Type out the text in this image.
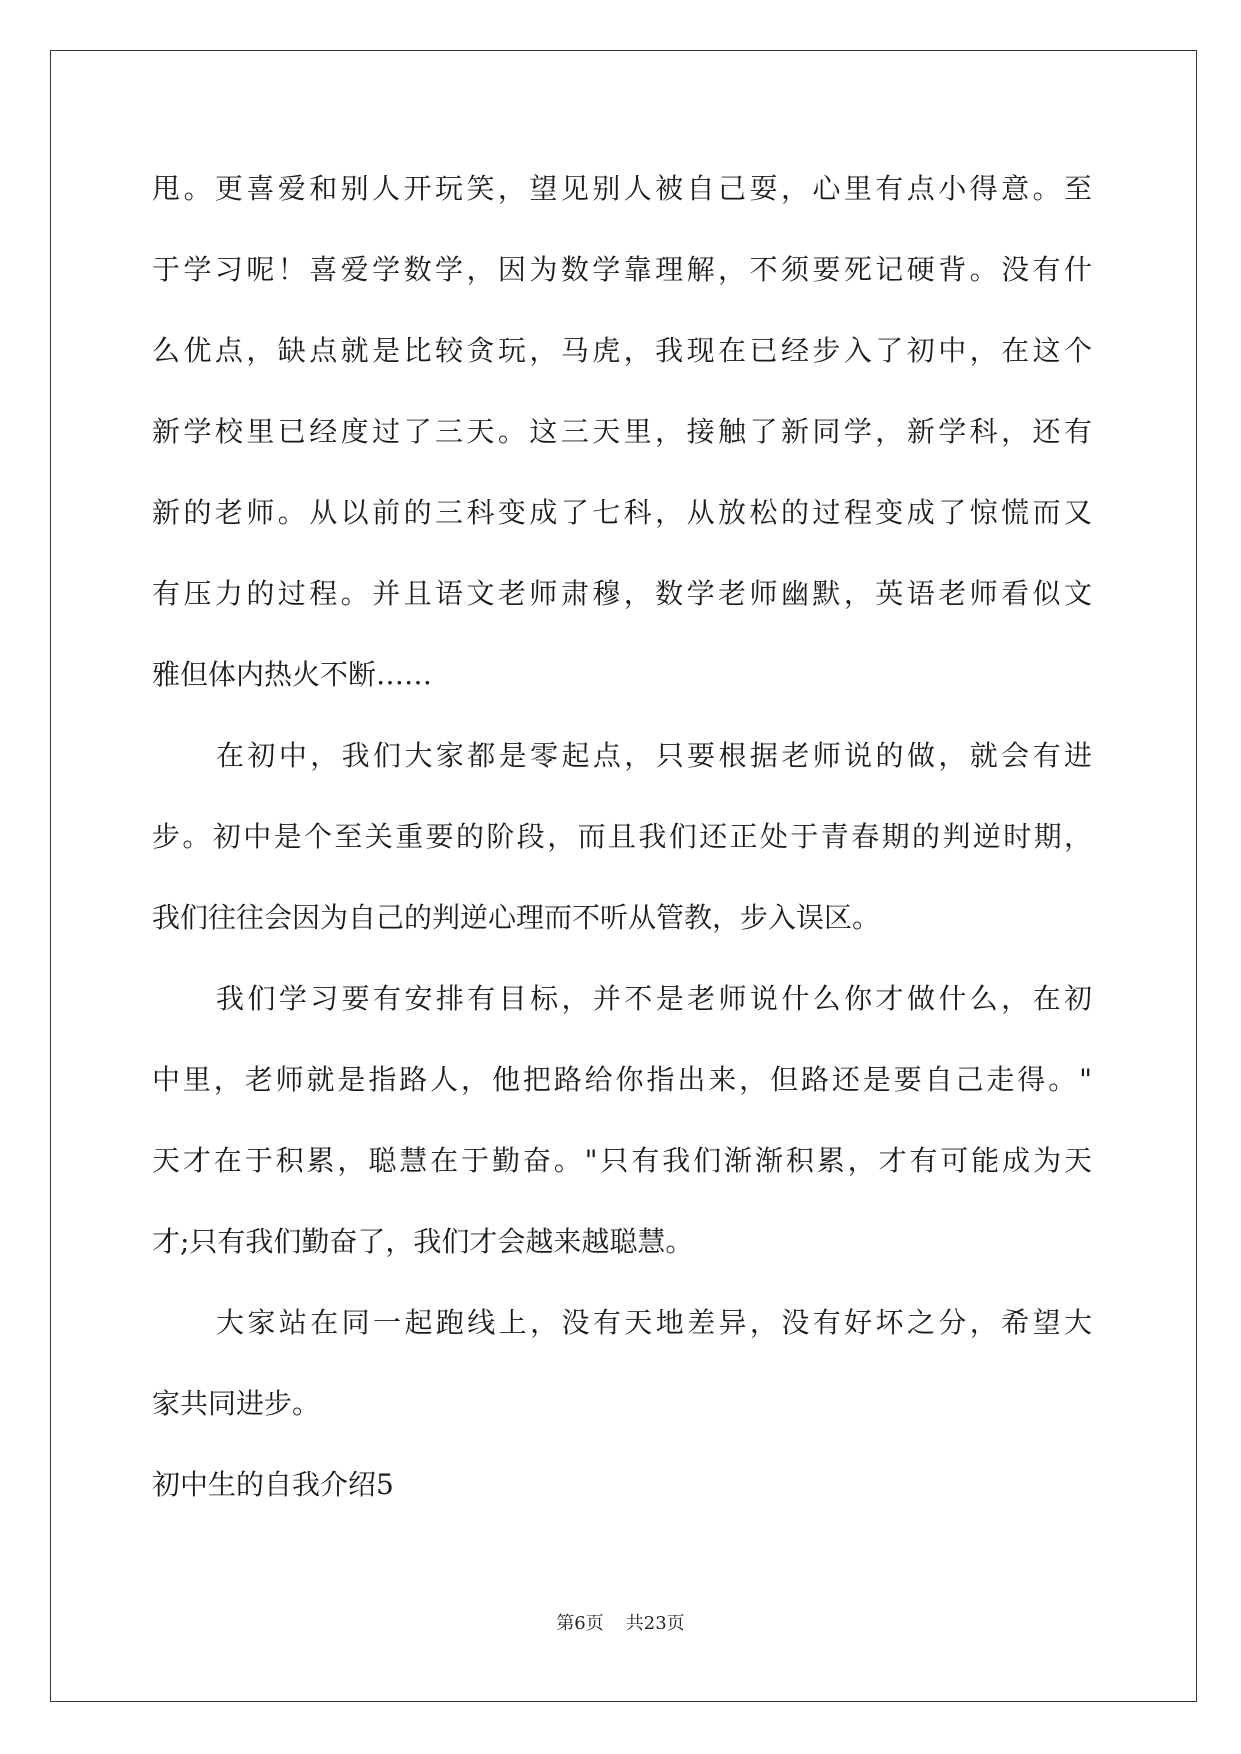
甩。更喜爱和别人开玩笑，望见别人被自己耍，心里有点小得意。至
于学习呢！喜爱学数学，因为数学靠理解，不须要死记硬背。没有什
么优点，缺点就是比较贪玩，马虎，我现在已经步入了初中，在这个
新学校里已经度过了三天。这三天里，接触了新同学，新学科，还有
新的老师。从以前的三科变成了七科，从放松的过程变成了惊慌而又
有压力的过程。并且语文老师肃穆，数学老师幽默，英语老师看似文
雅但体内热火不断……
在初中，我们大家都是零起点，只要根据老师说的做，就会有进
步。初中是个至关重要的阶段，而且我们还正处于青春期的判逆时期，
我们往往会因为自己的判逆心理而不听从管教，步入误区。
我们学习要有安排有目标，并不是老师说什么你才做什么，在初
中里，老师就是指路人，他把路给你指出来，但路还是要自己走得。"
天才在于积累，聪慧在于勤奋。"只有我们渐渐积累，才有可能成为天
才;只有我们勤奋了，我们才会越来越聪慧。
大家站在同一起跑线上，没有天地差异，没有好坏之分，希望大
家共同进步。
初中生的自我介绍5
第6页 共23页
